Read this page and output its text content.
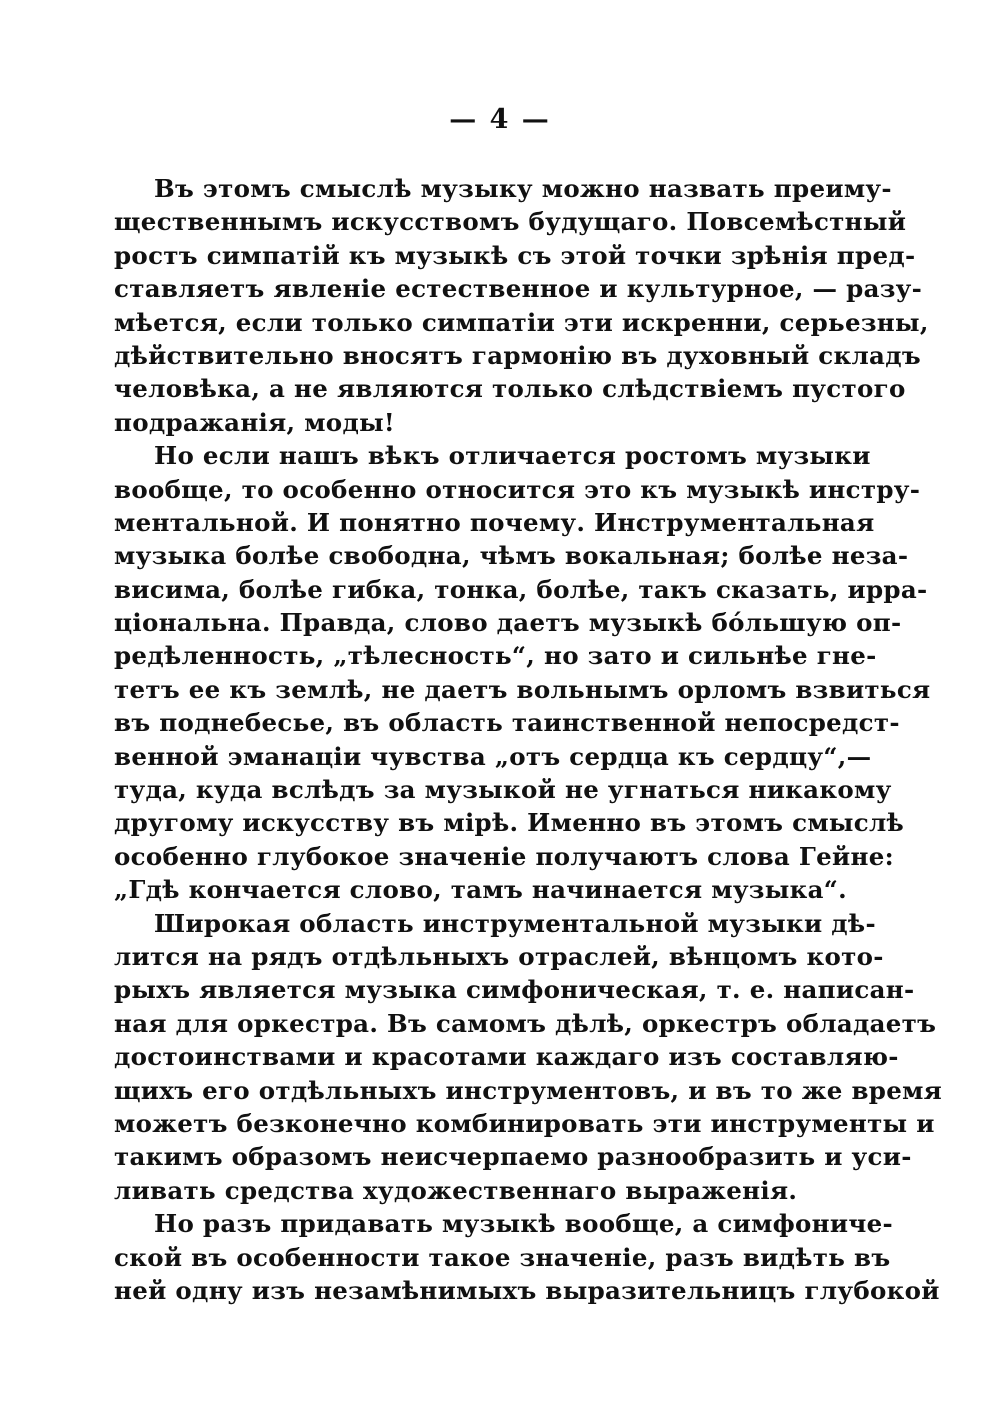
— 4 —
Въ этомъ смыслѣ музыку можно назвать преиму-
щественнымъ искусствомъ будущаго. Повсемѣстный
ростъ симпатій къ музыкѣ съ этой точки зрѣнія пред-
ставляетъ явленіе естественное и культурное, — разу-
мѣется, если только симпатіи эти искренни, серьезны,
дѣйствительно вносятъ гармонію въ духовный складъ
человѣка, а не являются только слѣдствіемъ пустого
подражанія, моды!
Но если нашъ вѣкъ отличается ростомъ музыки
вообще, то особенно относится это къ музыкѣ инстру-
ментальной. И понятно почему. Инструментальная
музыка болѣе свободна, чѣмъ вокальная; болѣе неза-
висима, болѣе гибка, тонка, болѣе, такъ сказать, ирра-
ціональна. Правда, слово даетъ музыкѣ бо́льшую оп-
редѣленность, „тѣлесность“, но зато и сильнѣе гне-
тетъ ее къ землѣ, не даетъ вольнымъ орломъ взвиться
въ поднебесье, въ область таинственной непосредст-
венной эманаціи чувства „отъ сердца къ сердцу“,—
туда, куда вслѣдъ за музыкой не угнаться никакому
другому искусству въ мірѣ. Именно въ этомъ смыслѣ
особенно глубокое значеніе получаютъ слова Гейне:
„Гдѣ кончается слово, тамъ начинается музыка“.
Широкая область инструментальной музыки дѣ-
лится на рядъ отдѣльныхъ отраслей, вѣнцомъ кото-
рыхъ является музыка симфоническая, т. е. написан-
ная для оркестра. Въ самомъ дѣлѣ, оркестръ обладаетъ
достоинствами и красотами каждаго изъ составляю-
щихъ его отдѣльныхъ инструментовъ, и въ то же время
можетъ безконечно комбинировать эти инструменты и
такимъ образомъ неисчерпаемо разнообразить и уси-
ливать средства художественнаго выраженія.
Но разъ придавать музыкѣ вообще, а симфониче-
ской въ особенности такое значеніе, разъ видѣть въ
ней одну изъ незамѣнимыхъ выразительницъ глубокой
